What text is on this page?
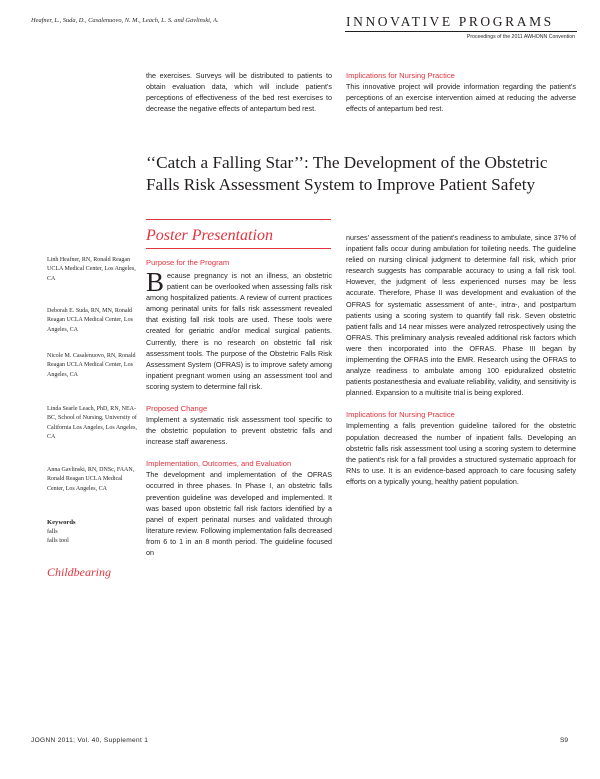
Heafner, L., Suda, D., Casalenuovo, N. M., Leach, L. S. and Gavlinski, A.	INNOVATIVE PROGRAMS
Proceedings of the 2011 AWHONN Convention

the exercises. Surveys will be distributed to patients to obtain evaluation data, which will include patient's perceptions of effectiveness of the bed rest exercises to decrease the negative effects of antepartum bed rest.

Implications for Nursing Practice

This innovative project will provide information regarding the patient's perceptions of an exercise intervention aimed at reducing the adverse effects of antepartum bed rest.

‘‘Catch a Falling Star’’: The Development of the Obstetric Falls Risk Assessment System to Improve Patient Safety
Poster Presentation
Linh Heafner, RN, Ronald Reagan UCLA Medical Center, Los Angeles, CA
Deborah E. Suda, RN, MN, Ronald Reagan UCLA Medical Center, Los Angeles, CA
Nicole M. Casalenuovo, RN, Ronald Reagan UCLA Medical Center, Los Angeles, CA
Linda Searle Leach, PhD, RN, NEA-BC, School of Nursing, University of California Los Angeles, Los Angeles, CA
Anna Gavlinski, RN, DNSc, FAAN, Ronald Reagan UCLA Medical Center, Los Angeles, CA
Keywords
falls
falls tool
Childbearing
Purpose for the Program

Because pregnancy is not an illness, an obstetric patient can be overlooked when assessing falls risk among hospitalized patients. A review of current practices among perinatal units for falls risk assessment revealed that existing fall risk tools are used. These tools were created for geriatric and/or medical surgical patients. Currently, there is no research on obstetric fall risk assessment tools. The purpose of the Obstetric Falls Risk Assessment System (OFRAS) is to improve safety among inpatient pregnant women using an assessment tool and scoring system to determine fall risk.

Proposed Change

Implement a systematic risk assessment tool specific to the obstetric population to prevent obstetric falls and increase staff awareness.

Implementation, Outcomes, and Evaluation

The development and implementation of the OFRAS occurred in three phases. In Phase I, an obstetric falls prevention guideline was developed and implemented. It was based upon obstetric fall risk factors identified by a panel of expert perinatal nurses and validated through literature review. Following implementation falls decreased from 6 to 1 in an 8 month period. The guideline focused on

nurses' assessment of the patient's readiness to ambulate, since 37% of inpatient falls occur during ambulation for toileting needs. The guideline relied on nursing clinical judgment to determine fall risk, which prior research suggests has comparable accuracy to using a fall risk tool. However, the judgment of less experienced nurses may be less accurate. Therefore, Phase II was development and evaluation of the OFRAS for systematic assessment of ante-, intra-, and postpartum patients using a scoring system to quantify fall risk. Seven obstetric patient falls and 14 near misses were analyzed retrospectively using the OFRAS. This preliminary analysis revealed additional risk factors which were then incorporated into the OFRAS. Phase III began by implementing the OFRAS into the EMR. Research using the OFRAS to analyze readiness to ambulate among 100 epiduralized obstetric patients postanesthesia and evaluate reliability, validity, and sensitivity is planned. Expansion to a multisite trial is being explored.

Implications for Nursing Practice

Implementing a falls prevention guideline tailored for the obstetric population decreased the number of inpatient falls. Developing an obstetric falls risk assessment tool using a scoring system to determine the patient's risk for a fall provides a structured systematic approach for RNs to use. It is an evidence-based approach to care focusing safety efforts on a typically young, healthy patient population.

JOGNN 2011; Vol. 40, Supplement 1	S9
